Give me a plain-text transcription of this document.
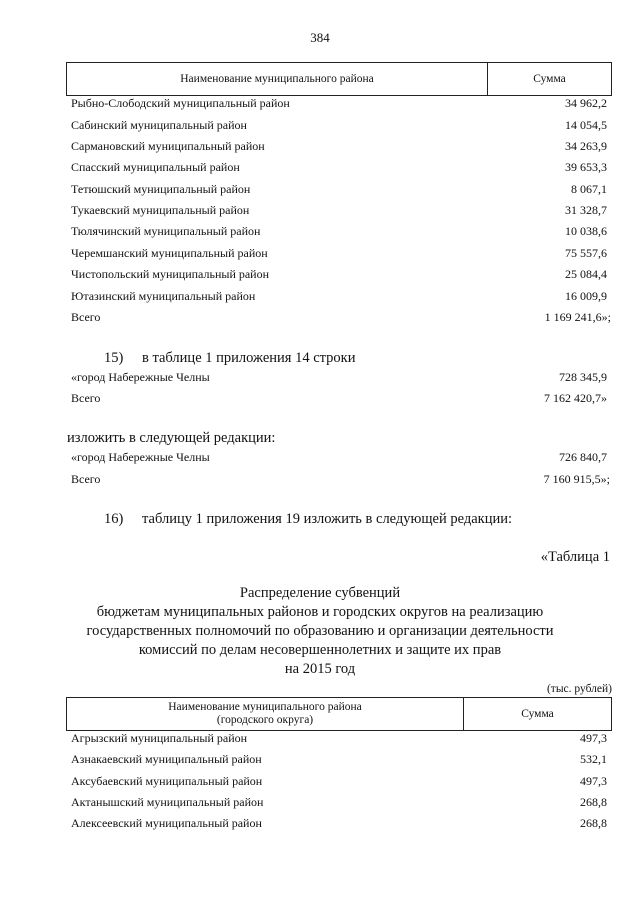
384
Наименование муниципального района	Сумма
Рыбно-Слободский муниципальный район	34 962,2
Сабинский муниципальный район	14 054,5
Сармановский муниципальный район	34 263,9
Спасский муниципальный район	39 653,3
Тетюшский муниципальный район	8 067,1
Тукаевский муниципальный район	31 328,7
Тюлячинский муниципальный район	10 038,6
Черемшанский муниципальный район	75 557,6
Чистопольский муниципальный район	25 084,4
Ютазинский муниципальный район	16 009,9
Всего	1 169 241,6»;
15) в таблице 1 приложения 14 строки
«город Набережные Челны	728 345,9
Всего	7 162 420,7»
изложить в следующей редакции:
«город Набережные Челны	726 840,7
Всего	7 160 915,5»;
16) таблицу 1 приложения 19 изложить в следующей редакции:
«Таблица 1
Распределение субвенций
бюджетам муниципальных районов и городских округов на реализацию
государственных полномочий по образованию и организации деятельности
комиссий по делам несовершеннолетних и защите их прав
на 2015 год
(тыс. рублей)
Наименование муниципального района
(городского округа)	Сумма
Агрызский муниципальный район	497,3
Азнакаевский муниципальный район	532,1
Аксубаевский муниципальный район	497,3
Актанышский муниципальный район	268,8
Алексеевский муниципальный район	268,8
